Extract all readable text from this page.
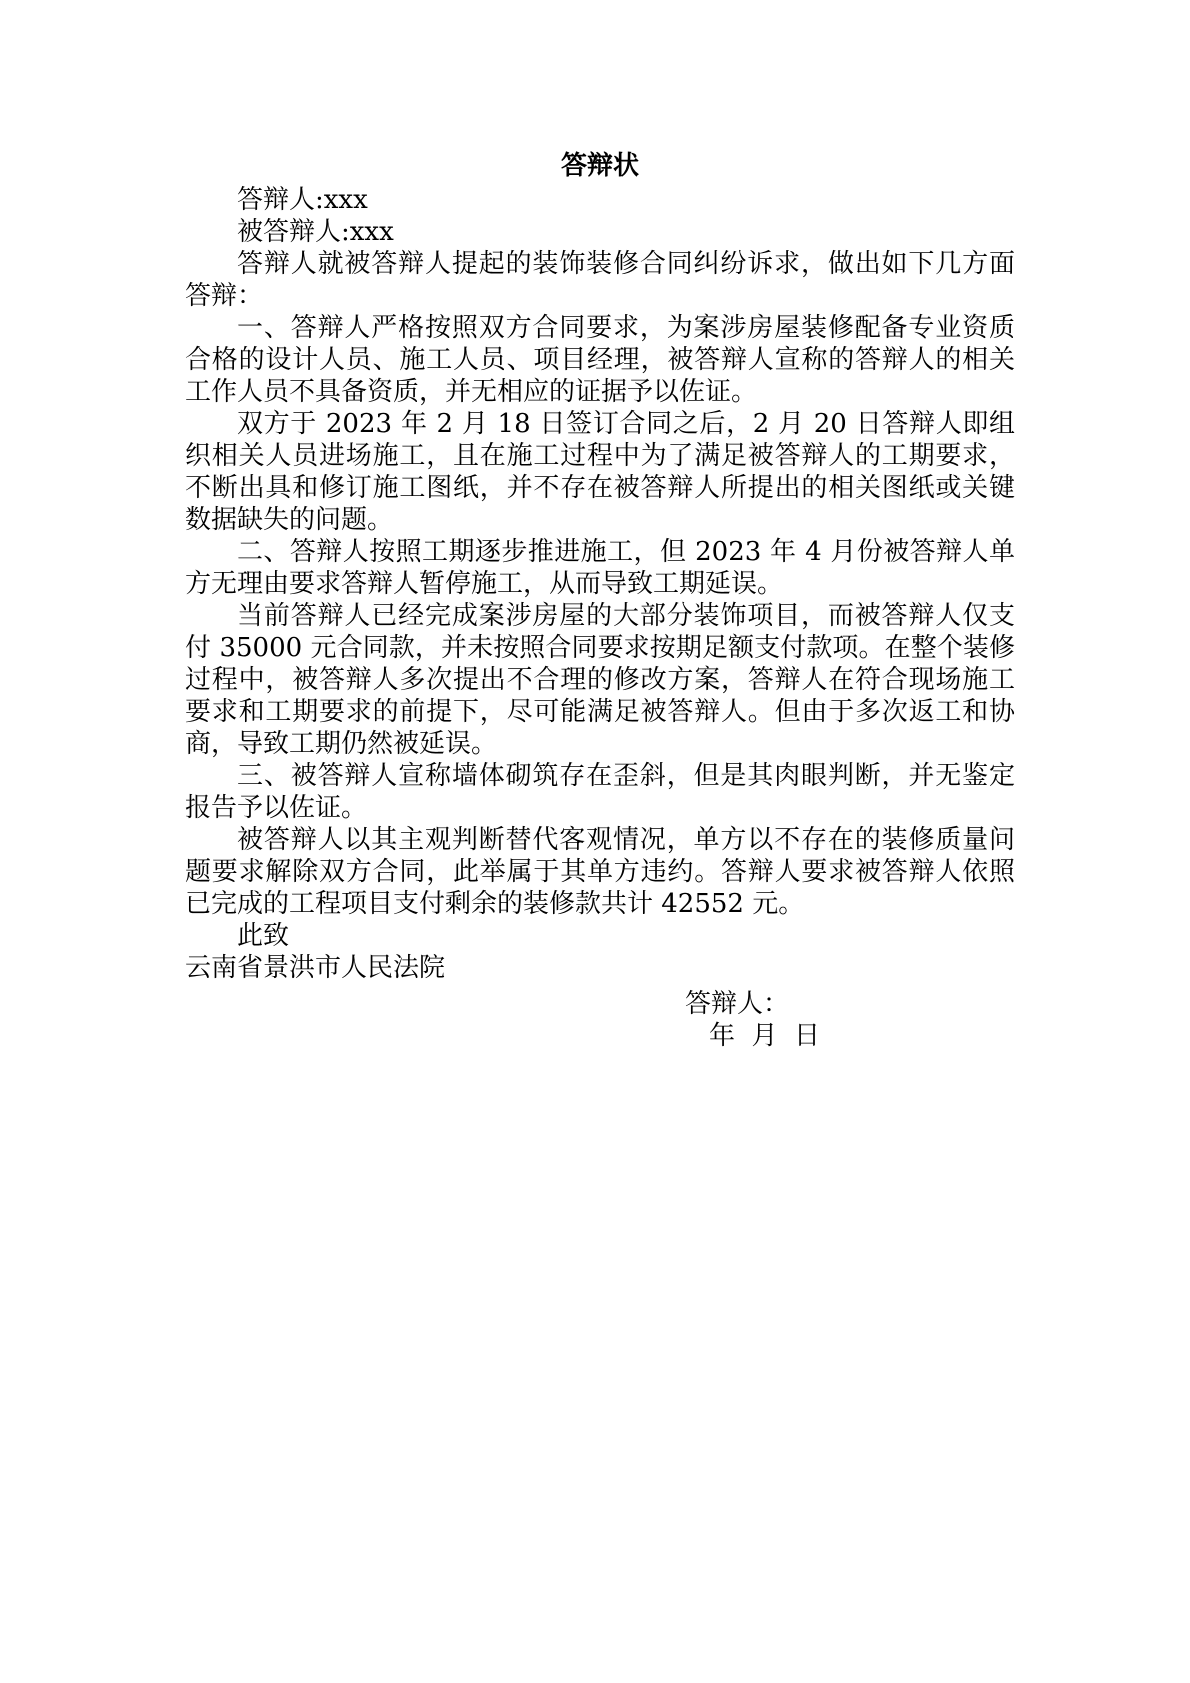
答辩状

答辩人:xxx

被答辩人:xxx

答辩人就被答辩人提起的装饰装修合同纠纷诉求，做出如下几方面答辩：

一、答辩人严格按照双方合同要求，为案涉房屋装修配备专业资质合格的设计人员、施工人员、项目经理，被答辩人宣称的答辩人的相关工作人员不具备资质，并无相应的证据予以佐证。

双方于 2023 年 2 月 18 日签订合同之后，2 月 20 日答辩人即组织相关人员进场施工，且在施工过程中为了满足被答辩人的工期要求，不断出具和修订施工图纸，并不存在被答辩人所提出的相关图纸或关键数据缺失的问题。

二、答辩人按照工期逐步推进施工，但 2023 年 4 月份被答辩人单方无理由要求答辩人暂停施工，从而导致工期延误。

当前答辩人已经完成案涉房屋的大部分装饰项目，而被答辩人仅支付 35000 元合同款，并未按照合同要求按期足额支付款项。在整个装修过程中，被答辩人多次提出不合理的修改方案，答辩人在符合现场施工要求和工期要求的前提下，尽可能满足被答辩人。但由于多次返工和协商，导致工期仍然被延误。

三、被答辩人宣称墙体砌筑存在歪斜，但是其肉眼判断，并无鉴定报告予以佐证。

被答辩人以其主观判断替代客观情况，单方以不存在的装修质量问题要求解除双方合同，此举属于其单方违约。答辩人要求被答辩人依照已完成的工程项目支付剩余的装修款共计 42552 元。

此致

云南省景洪市人民法院

答辩人：

年  月  日
